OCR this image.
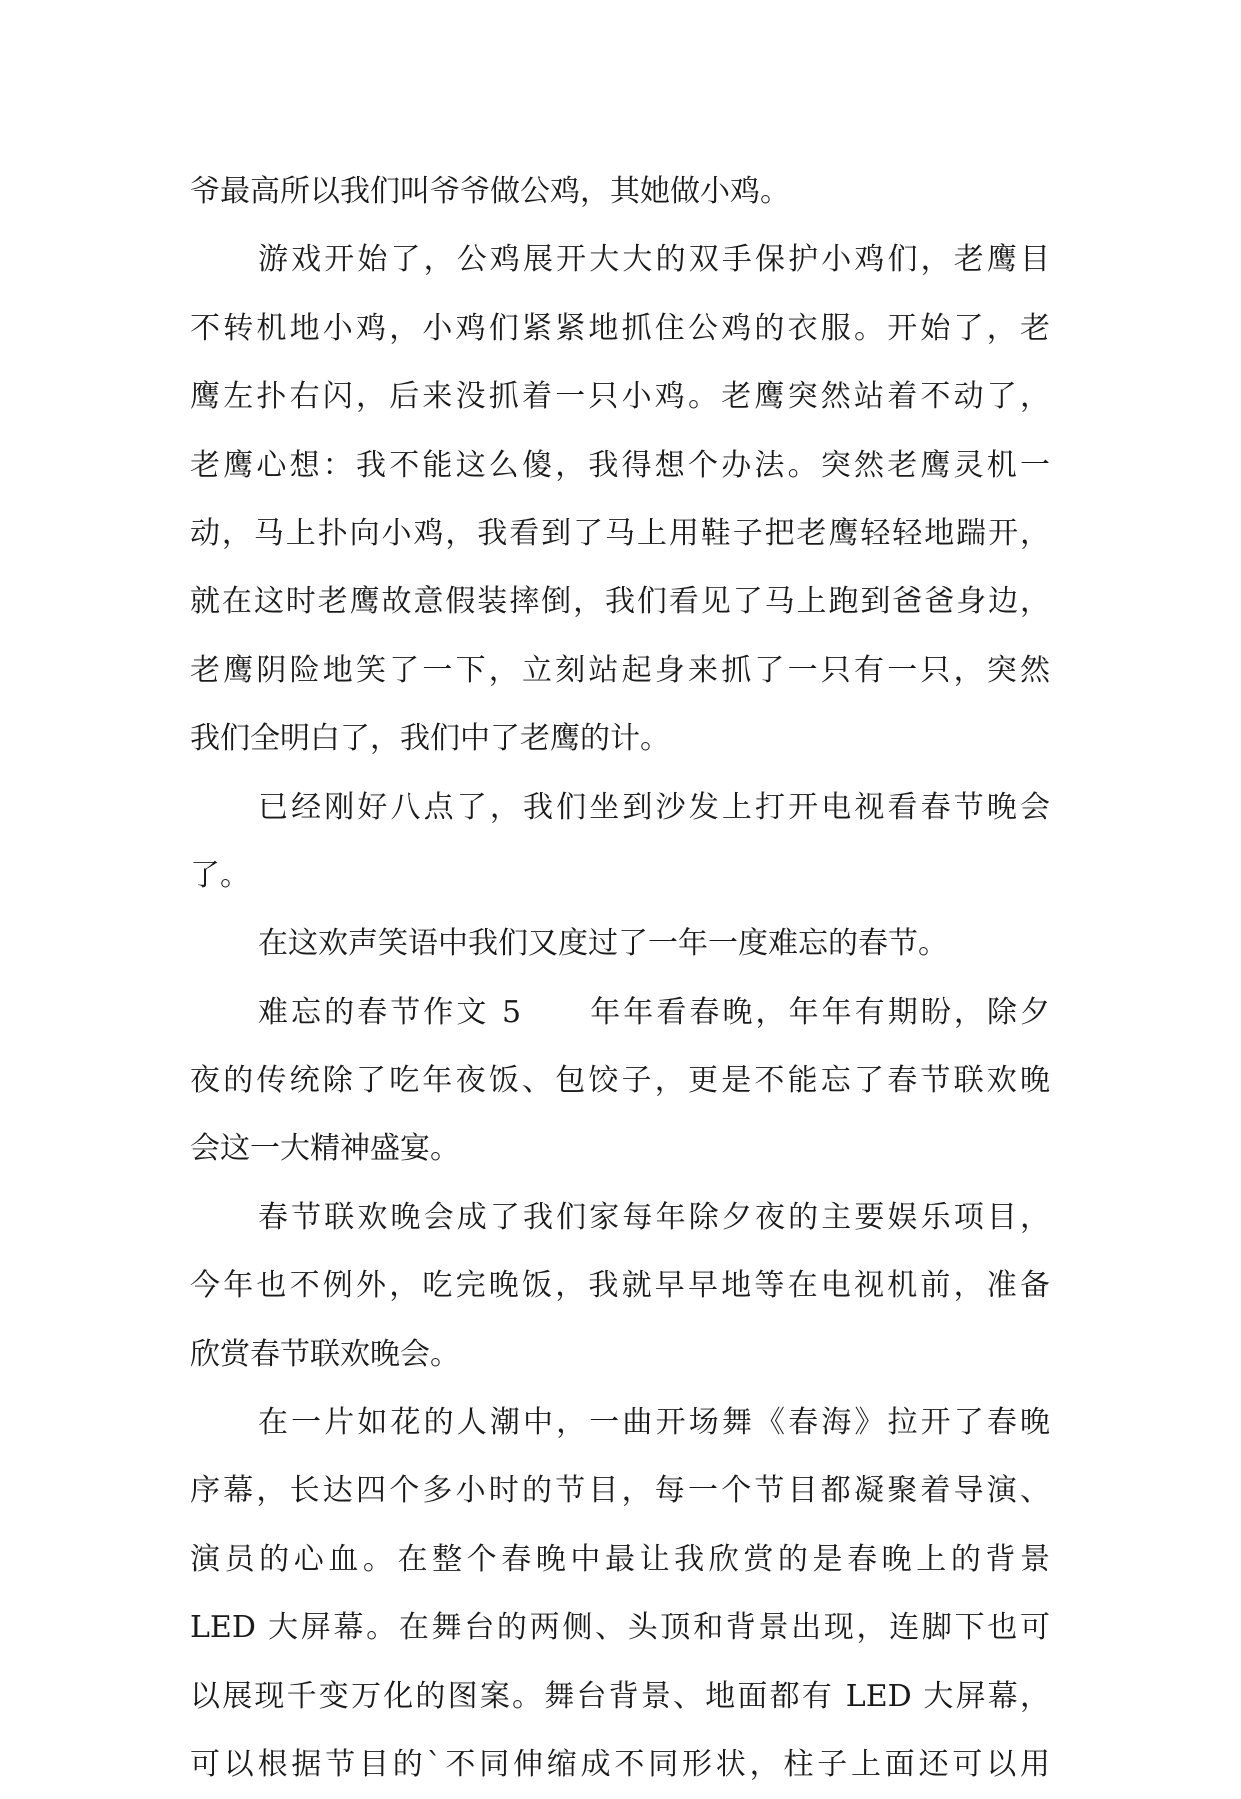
爷最高所以我们叫爷爷做公鸡，其她做小鸡。
游戏开始了，公鸡展开大大的双手保护小鸡们，老鹰目
不转机地小鸡，小鸡们紧紧地抓住公鸡的衣服。开始了，老
鹰左扑右闪，后来没抓着一只小鸡。老鹰突然站着不动了，
老鹰心想：我不能这么傻，我得想个办法。突然老鹰灵机一
动，马上扑向小鸡，我看到了马上用鞋子把老鹰轻轻地踹开，
就在这时老鹰故意假装摔倒，我们看见了马上跑到爸爸身边，
老鹰阴险地笑了一下，立刻站起身来抓了一只有一只，突然
我们全明白了，我们中了老鹰的计。
已经刚好八点了，我们坐到沙发上打开电视看春节晚会
了。
在这欢声笑语中我们又度过了一年一度难忘的春节。
难忘的春节作文 5　　年年看春晚，年年有期盼，除夕
夜的传统除了吃年夜饭、包饺子，更是不能忘了春节联欢晚
会这一大精神盛宴。
春节联欢晚会成了我们家每年除夕夜的主要娱乐项目，
今年也不例外，吃完晚饭，我就早早地等在电视机前，准备
欣赏春节联欢晚会。
在一片如花的人潮中，一曲开场舞《春海》拉开了春晚
序幕，长达四个多小时的节目，每一个节目都凝聚着导演、
演员的心血。在整个春晚中最让我欣赏的是春晚上的背景
LED 大屏幕。在舞台的两侧、头顶和背景出现，连脚下也可
以展现千变万化的图案。舞台背景、地面都有 LED 大屏幕，
可以根据节目的`不同伸缩成不同形状，柱子上面还可以用
